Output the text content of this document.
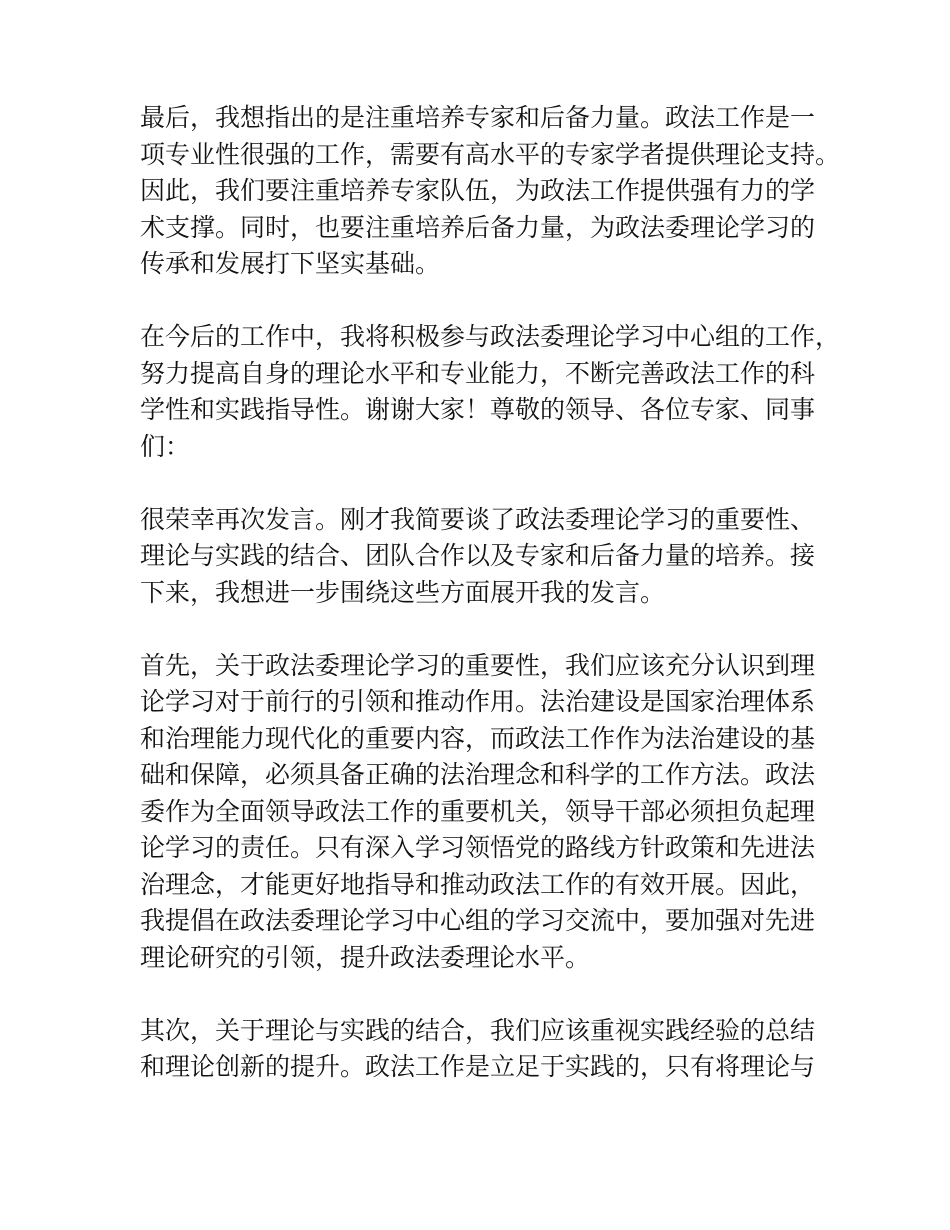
最后，我想指出的是注重培养专家和后备力量。政法工作是一
项专业性很强的工作，需要有高水平的专家学者提供理论支持。
因此，我们要注重培养专家队伍，为政法工作提供强有力的学
术支撑。同时，也要注重培养后备力量，为政法委理论学习的
传承和发展打下坚实基础。

在今后的工作中，我将积极参与政法委理论学习中心组的工作，
努力提高自身的理论水平和专业能力，不断完善政法工作的科
学性和实践指导性。谢谢大家！尊敬的领导、各位专家、同事
们：

很荣幸再次发言。刚才我简要谈了政法委理论学习的重要性、
理论与实践的结合、团队合作以及专家和后备力量的培养。接
下来，我想进一步围绕这些方面展开我的发言。

首先，关于政法委理论学习的重要性，我们应该充分认识到理
论学习对于前行的引领和推动作用。法治建设是国家治理体系
和治理能力现代化的重要内容，而政法工作作为法治建设的基
础和保障，必须具备正确的法治理念和科学的工作方法。政法
委作为全面领导政法工作的重要机关，领导干部必须担负起理
论学习的责任。只有深入学习领悟党的路线方针政策和先进法
治理念，才能更好地指导和推动政法工作的有效开展。因此，
我提倡在政法委理论学习中心组的学习交流中，要加强对先进
理论研究的引领，提升政法委理论水平。

其次，关于理论与实践的结合，我们应该重视实践经验的总结
和理论创新的提升。政法工作是立足于实践的，只有将理论与
